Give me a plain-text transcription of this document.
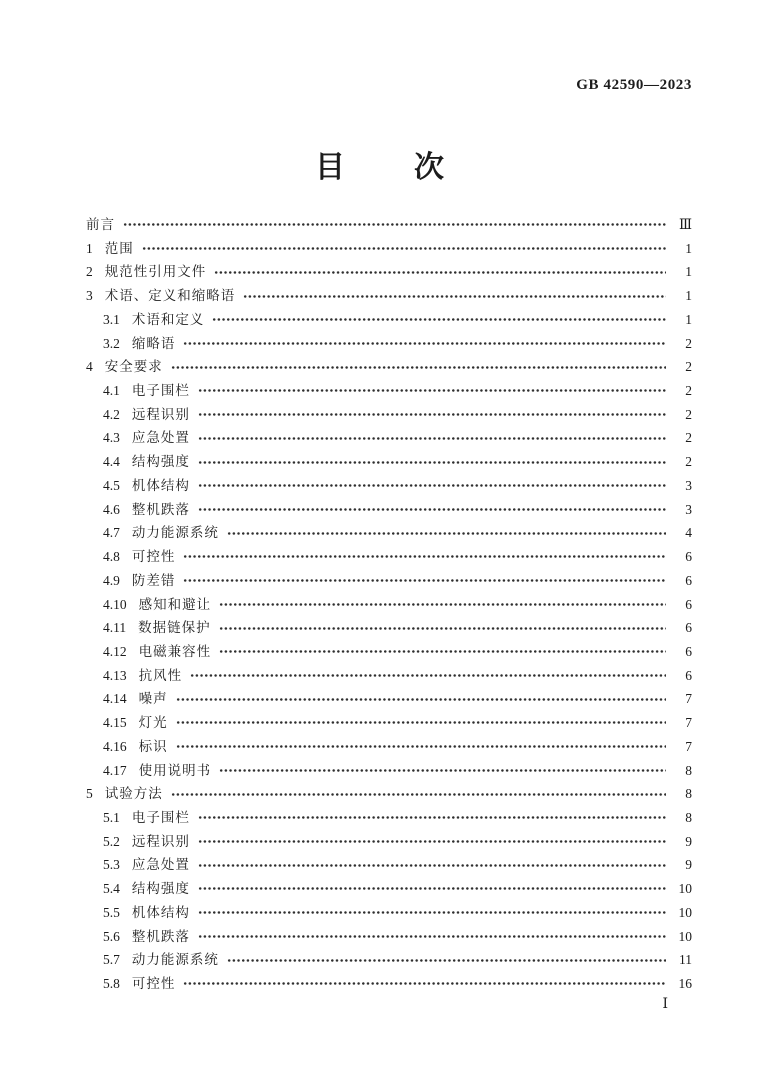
GB 42590—2023
目　　次
前言	Ⅲ
1 范围	1
2 规范性引用文件	1
3 术语、定义和缩略语	1
3.1 术语和定义	1
3.2 缩略语	2
4 安全要求	2
4.1 电子围栏	2
4.2 远程识别	2
4.3 应急处置	2
4.4 结构强度	2
4.5 机体结构	3
4.6 整机跌落	3
4.7 动力能源系统	4
4.8 可控性	6
4.9 防差错	6
4.10 感知和避让	6
4.11 数据链保护	6
4.12 电磁兼容性	6
4.13 抗风性	6
4.14 噪声	7
4.15 灯光	7
4.16 标识	7
4.17 使用说明书	8
5 试验方法	8
5.1 电子围栏	8
5.2 远程识别	9
5.3 应急处置	9
5.4 结构强度	10
5.5 机体结构	10
5.6 整机跌落	10
5.7 动力能源系统	11
5.8 可控性	16
Ⅰ
